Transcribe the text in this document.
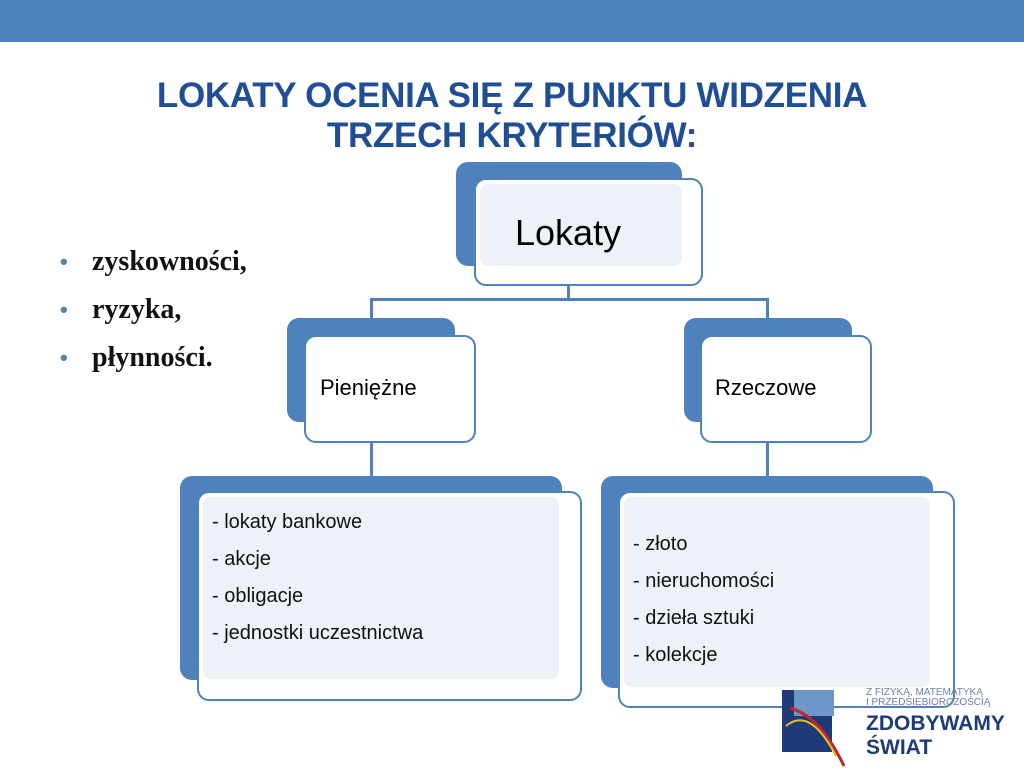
LOKATY OCENIA SIĘ Z PUNKTU WIDZENIA
TRZECH KRYTERIÓW:
• zyskowności,
• ryzyka,
• płynności.
Lokaty
Pieniężne	Rzeczowe
- lokaty bankowe
- akcje
- obligacje
- jednostki uczestnictwa
- złoto
- nieruchomości
- dzieła sztuki
- kolekcje
Z FIZYKĄ, MATEMATYKĄ
I PRZEDSIĘBIORCZOŚCIĄ
ZDOBYWAMY
ŚWIAT
